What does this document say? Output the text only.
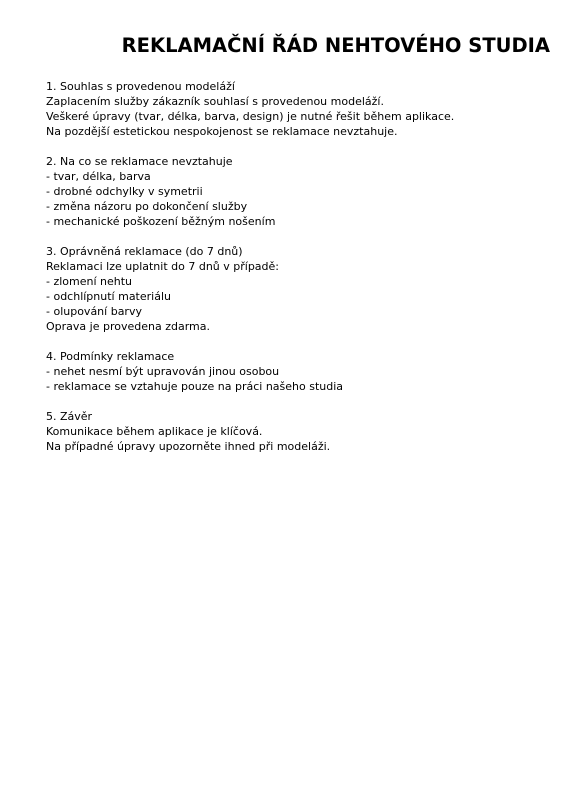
REKLAMAČNÍ ŘÁD NEHTOVÉHO STUDIA
1. Souhlas s provedenou modeláží
Zaplacením služby zákazník souhlasí s provedenou modeláží.
Veškeré úpravy (tvar, délka, barva, design) je nutné řešit během aplikace.
Na pozdější estetickou nespokojenost se reklamace nevztahuje.
2. Na co se reklamace nevztahuje
- tvar, délka, barva
- drobné odchylky v symetrii
- změna názoru po dokončení služby
- mechanické poškození běžným nošením
3. Oprávněná reklamace (do 7 dnů)
Reklamaci lze uplatnit do 7 dnů v případě:
- zlomení nehtu
- odchlípnutí materiálu
- olupování barvy
Oprava je provedena zdarma.
4. Podmínky reklamace
- nehet nesmí být upravován jinou osobou
- reklamace se vztahuje pouze na práci našeho studia
5. Závěr
Komunikace během aplikace je klíčová.
Na případné úpravy upozorněte ihned při modeláži.
